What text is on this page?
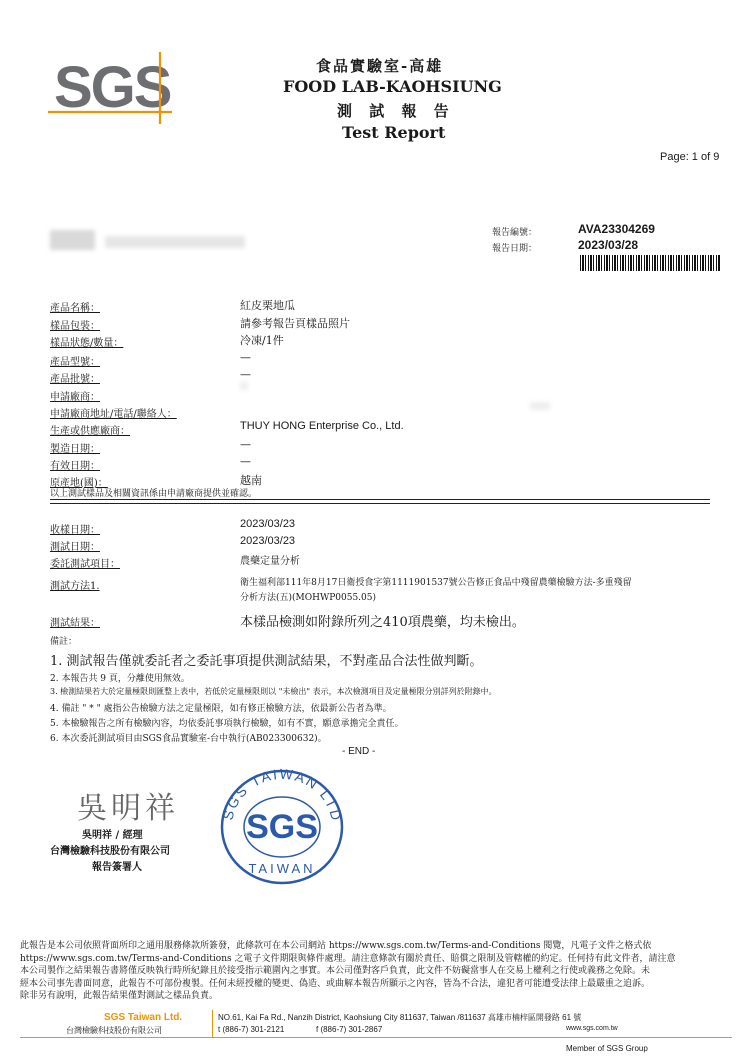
SGS	食品實驗室-高雄
FOOD LAB-KAOHSIUNG
測 試 報 告
Test Report
Page: 1 of 9
報告編號：	AVA23304269
報告日期：	2023/03/28
產品名稱：	紅皮栗地瓜
樣品包裝：	請參考報告頁樣品照片
樣品狀態/數量：	冷凍/1件
產品型號：	—
產品批號：	—
申請廠商：
申請廠商地址/電話/聯絡人：
生產或供應廠商：	THUY HONG Enterprise Co., Ltd.
製造日期：	—
有效日期：	—
原產地(國)：	越南
以上測試樣品及相關資訊係由申請廠商提供並確認。
收樣日期：
2023/03/23
測試日期：
2023/03/23
委託測試項目：	農藥定量分析
測試方法1.	衛生福利部111年8月17日衛授食字第1111901537號公告修正食品中殘留農藥檢驗方法-多重殘留
分析方法(五)(MOHWP0055.05)
測試結果：	本樣品檢測如附錄所列之410項農藥，均未檢出。
備註：
1. 測試報告僅就委託者之委託事項提供測試結果，不對產品合法性做判斷。
2. 本報告共 9 頁，分離使用無效。
3. 檢測結果若大於定量極限則匯整上表中，若低於定量極限則以 "未檢出" 表示，本次檢測項目及定量極限分別詳列於附錄中。
4. 備註 " * " 處指公告檢驗方法之定量極限，如有修正檢驗方法，依最新公告者為準。
5. 本檢驗報告之所有檢驗內容，均依委託事項執行檢驗，如有不實，願意承擔完全責任。
6. 本次委託測試項目由SGS食品實驗室-台中執行(AB023300632)。
- END -
吳明祥
吳明祥 / 經理
台灣檢驗科技股份有限公司
報告簽署人
SGS TAIWAN LTD
SGS
TAIWAN
此報告是本公司依照背面所印之通用服務條款所簽發，此條款可在本公司網站 https://www.sgs.com.tw/Terms-and-Conditions 閱覽，凡電子文件之格式依
https://www.sgs.com.tw/Terms-and-Conditions 之電子文件期限與條件處理。請注意條款有關於責任、賠償之限制及管轄權的約定。任何持有此文件者，請注意
本公司製作之結果報告書將僅反映執行時所紀錄且於接受指示範圍內之事實。本公司僅對客戶負責，此文件不妨礙當事人在交易上權利之行使或義務之免除。未
經本公司事先書面同意，此報告不可部份複製。任何未經授權的變更、偽造、或曲解本報告所顯示之內容，皆為不合法，違犯者可能遭受法律上最嚴重之追訴。
除非另有說明，此報告結果僅對測試之樣品負責。
SGS Taiwan Ltd.
台灣檢驗科技股份有限公司
NO.61, Kai Fa Rd., Nanzih District, Kaohsiung City 811637, Taiwan /811637 高雄市楠梓區開發路 61 號
t (886-7) 301-2121	f (886-7) 301-2867	www.sgs.com.tw
Member of SGS Group
